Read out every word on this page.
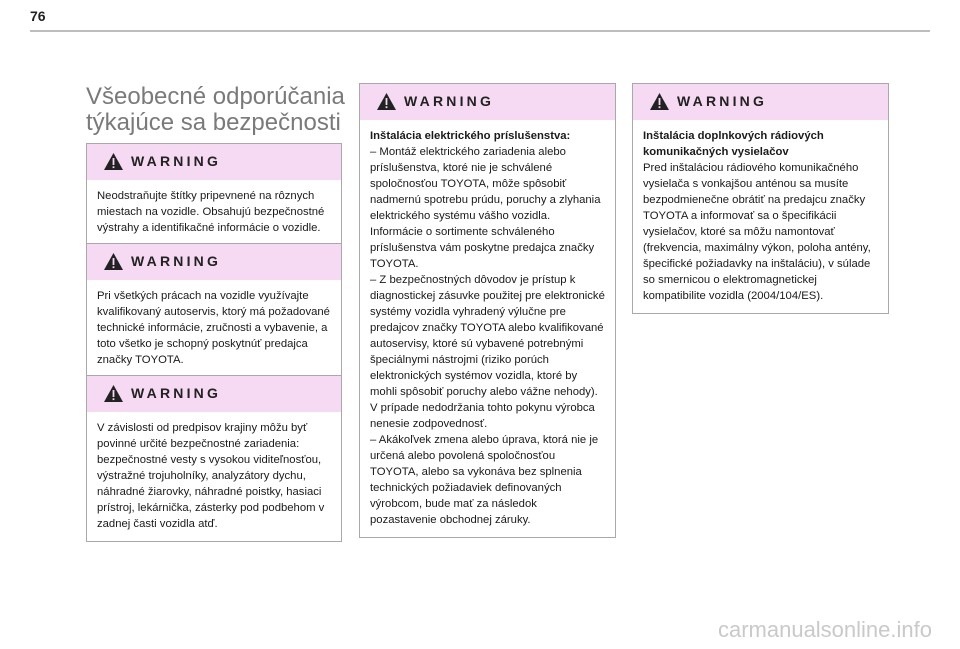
76
Všeobecné odporúčania týkajúce sa bezpečnosti
WARNING

Neodstraňujte štítky pripevnené na rôznych miestach na vozidle. Obsahujú bezpečnostné výstrahy a identifikačné informácie o vozidle.

WARNING

Pri všetkých prácach na vozidle využívajte kvalifikovaný autoservis, ktorý má požadované technické informácie, zručnosti a vybavenie, a toto všetko je schopný poskytnúť predajca značky TOYOTA.

WARNING

V závislosti od predpisov krajiny môžu byť povinné určité bezpečnostné zariadenia: bezpečnostné vesty s vysokou viditeľnosťou, výstražné trojuholníky, analyzátory dychu, náhradné žiarovky, náhradné poistky, hasiaci prístroj, lekárnička, zásterky pod podbehom v zadnej časti vozidla atď.

WARNING

Inštalácia elektrického príslušenstva:

– Montáž elektrického zariadenia alebo príslušenstva, ktoré nie je schválené spoločnosťou TOYOTA, môže spôsobiť nadmernú spotrebu prúdu, poruchy a zlyhania elektrického systému vášho vozidla. Informácie o sortimente schváleného príslušenstva vám poskytne predajca značky TOYOTA.

– Z bezpečnostných dôvodov je prístup k diagnostickej zásuvke použitej pre elektronické systémy vozidla vyhradený výlučne pre predajcov značky TOYOTA alebo kvalifikované autoservisy, ktoré sú vybavené potrebnými špeciálnymi nástrojmi (riziko porúch elektronických systémov vozidla, ktoré by mohli spôsobiť poruchy alebo vážne nehody). V prípade nedodržania tohto pokynu výrobca nenesie zodpovednosť.

– Akákoľvek zmena alebo úprava, ktorá nie je určená alebo povolená spoločnosťou TOYOTA, alebo sa vykonáva bez splnenia technických požiadaviek definovaných výrobcom, bude mať za následok pozastavenie obchodnej záruky.

WARNING

Inštalácia doplnkových rádiových komunikačných vysielačov

Pred inštaláciou rádiového komunikačného vysielača s vonkajšou anténou sa musíte bezpodmienečne obrátiť na predajcu značky TOYOTA a informovať sa o špecifikácii vysielačov, ktoré sa môžu namontovať (frekvencia, maximálny výkon, poloha antény, špecifické požiadavky na inštaláciu), v súlade so smernicou o elektromagnetickej kompatibilite vozidla (2004/104/ES).

carmanualsonline.info
